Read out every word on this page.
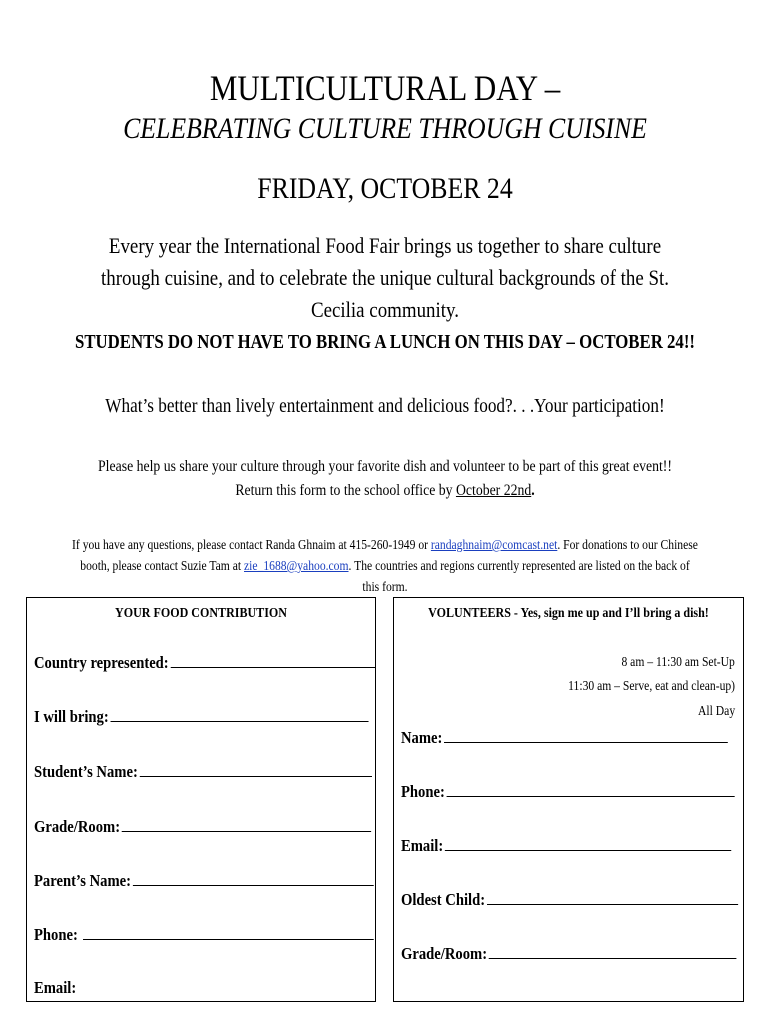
MULTICULTURAL DAY –
CELEBRATING CULTURE THROUGH CUISINE
FRIDAY, OCTOBER 24
Every year the International Food Fair brings us together to share culture through cuisine, and to celebrate the unique cultural backgrounds of the St. Cecilia community.
STUDENTS DO NOT HAVE TO BRING A LUNCH ON THIS DAY – OCTOBER 24!!
What’s better than lively entertainment and delicious food?. . .Your participation!
Please help us share your culture through your favorite dish and volunteer to be part of this great event!!
Return this form to the school office by October 22nd.
If you have any questions, please contact Randa Ghnaim at 415-260-1949 or randaghnaim@comcast.net. For donations to our Chinese booth, please contact Suzie Tam at zie_1688@yahoo.com. The countries and regions currently represented are listed on the back of this form.
YOUR FOOD CONTRIBUTION
Country represented:
I will bring:
Student’s Name:
Grade/Room:
Parent’s Name:
Phone:
Email:
VOLUNTEERS - Yes, sign me up and I’ll bring a dish!
8 am – 11:30 am Set-Up
11:30 am – Serve, eat and clean-up)
All Day
Name:
Phone:
Email:
Oldest Child:
Grade/Room:
